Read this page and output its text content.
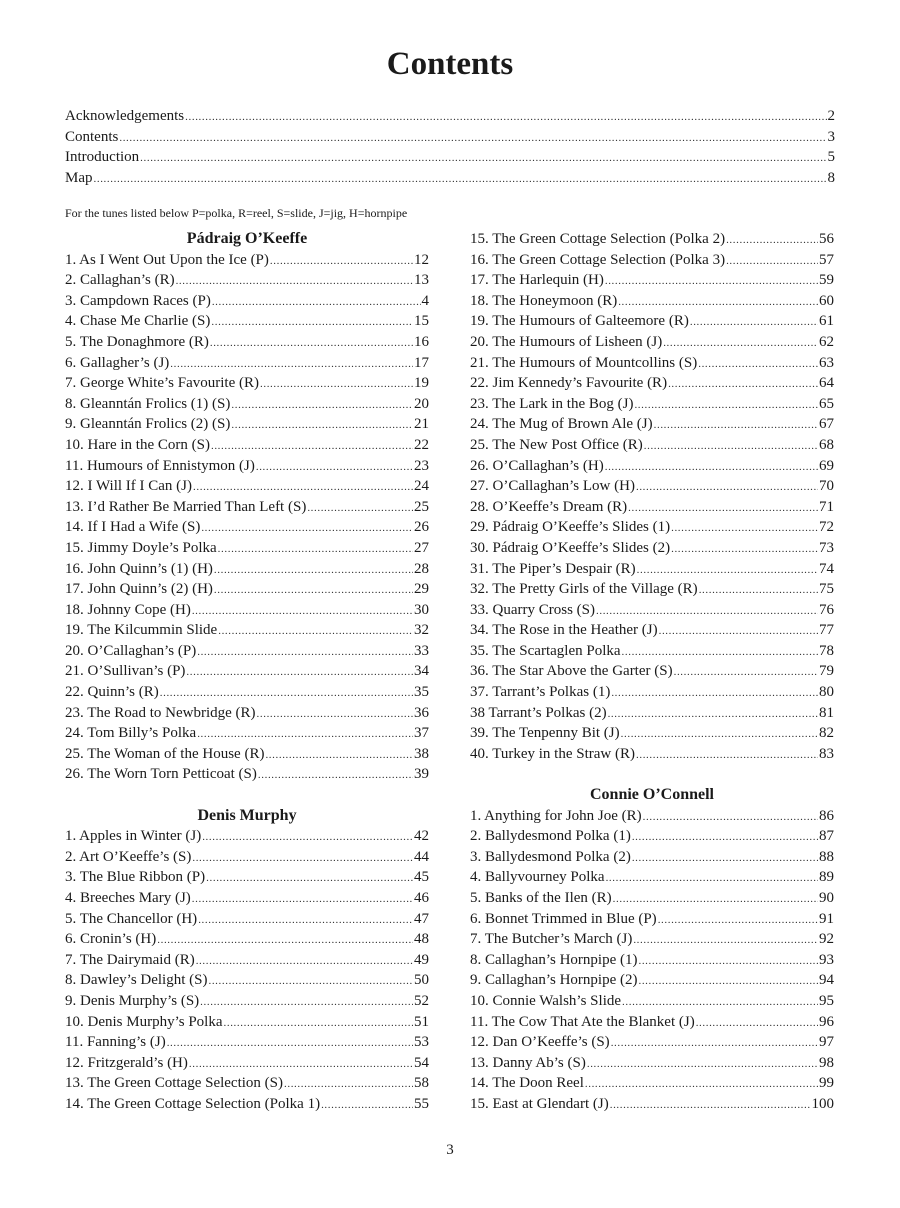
Contents
Acknowledgements .....	2
Contents .....	3
Introduction .....	5
Map .....	8
For the tunes listed below P=polka, R=reel, S=slide, J=jig, H=hornpipe
Pádraig O’Keeffe
1. As I Went Out Upon the Ice (P) .....	12
2. Callaghan’s (R) .....	13
3. Campdown Races (P) .....	4
4. Chase Me Charlie (S) .....	15
5. The Donaghmore (R) .....	16
6. Gallagher’s (J) .....	17
7. George White’s Favourite (R) .....	19
8. Gleanntán Frolics (1) (S) .....	20
9. Gleanntán Frolics (2) (S) .....	21
10. Hare in the Corn (S) .....	22
11. Humours of Ennistymon (J) .....	23
12. I Will If I Can (J) .....	24
13. I’d Rather Be Married Than Left (S) .....	25
14. If I Had a Wife (S) .....	26
15. Jimmy Doyle’s Polka .....	27
16. John Quinn’s (1) (H) .....	28
17. John Quinn’s (2) (H) .....	29
18. Johnny Cope (H) .....	30
19. The Kilcummin Slide .....	32
20. O’Callaghan’s (P) .....	33
21. O’Sullivan’s (P) .....	34
22. Quinn’s (R) .....	35
23. The Road to Newbridge (R) .....	36
24. Tom Billy’s Polka .....	37
25. The Woman of the House (R) .....	38
26. The Worn Torn Petticoat (S) .....	39
Denis Murphy
1. Apples in Winter (J) .....	42
2. Art O’Keeffe’s (S) .....	44
3. The Blue Ribbon (P) .....	45
4. Breeches Mary (J) .....	46
5. The Chancellor (H) .....	47
6. Cronin’s (H) .....	48
7. The Dairymaid (R) .....	49
8. Dawley’s Delight (S) .....	50
9. Denis Murphy’s (S) .....	52
10. Denis Murphy’s Polka .....	51
11. Fanning’s (J) .....	53
12. Fritzgerald’s (H) .....	54
13. The Green Cottage Selection (S) .....	58
14. The Green Cottage Selection (Polka 1) .....	55
15. The Green Cottage Selection (Polka 2) .....	56
16. The Green Cottage Selection (Polka 3) .....	57
17. The Harlequin (H) .....	59
18. The Honeymoon (R) .....	60
19. The Humours of Galteemore (R) .....	61
20. The Humours of Lisheen (J) .....	62
21. The Humours of Mountcollins (S) .....	63
22. Jim Kennedy’s Favourite (R) .....	64
23. The Lark in the Bog (J) .....	65
24. The Mug of Brown Ale (J) .....	67
25. The New Post Office (R) .....	68
26. O’Callaghan’s (H) .....	69
27. O’Callaghan’s Low (H) .....	70
28. O’Keeffe’s Dream (R) .....	71
29. Pádraig O’Keeffe’s Slides (1) .....	72
30. Pádraig O’Keeffe’s Slides (2) .....	73
31. The Piper’s Despair (R) .....	74
32. The Pretty Girls of the Village (R) .....	75
33. Quarry Cross (S) .....	76
34. The Rose in the Heather (J) .....	77
35. The Scartaglen Polka .....	78
36. The Star Above the Garter (S) .....	79
37. Tarrant’s Polkas (1) .....	80
38 Tarrant’s Polkas (2) .....	81
39. The Tenpenny Bit (J) .....	82
40. Turkey in the Straw (R) .....	83
Connie O’Connell
1. Anything for John Joe (R) .....	86
2. Ballydesmond Polka (1) .....	87
3. Ballydesmond Polka (2) .....	88
4. Ballyvourney Polka .....	89
5. Banks of the Ilen (R) .....	90
6. Bonnet Trimmed in Blue (P) .....	91
7. The Butcher’s March (J) .....	92
8. Callaghan’s Hornpipe (1) .....	93
9. Callaghan’s Hornpipe (2) .....	94
10. Connie Walsh’s Slide .....	95
11. The Cow That Ate the Blanket (J) .....	96
12. Dan O’Keeffe’s (S) .....	97
13. Danny Ab’s (S) .....	98
14. The Doon Reel .....	99
15. East at Glendart (J) .....	100
3
